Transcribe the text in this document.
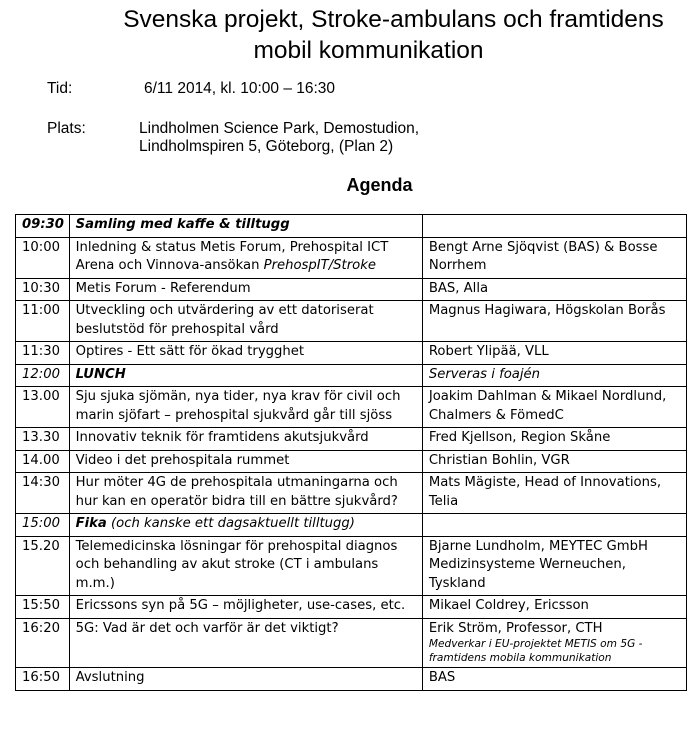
Svenska projekt, Stroke-ambulans och framtidens
mobil kommunikation
Tid:	6/11 2014, kl. 10:00 – 16:30
Plats:	Lindholmen Science Park, Demostudion,
Lindholmspiren 5, Göteborg, (Plan 2)
Agenda
09:30	Samling med kaffe & tilltugg	
10:00	Inledning & status Metis Forum, Prehospital ICT Arena och Vinnova-ansökan PrehospIT/Stroke	Bengt Arne Sjöqvist (BAS) & Bosse Norrhem
10:30	Metis Forum - Referendum	BAS, Alla
11:00	Utveckling och utvärdering av ett datoriserat beslutstöd för prehospital vård	Magnus Hagiwara, Högskolan Borås
11:30	Optires - Ett sätt för ökad trygghet	Robert Ylipää, VLL
12:00	LUNCH	Serveras i foajén
13.00	Sju sjuka sjömän, nya tider, nya krav för civil och marin sjöfart – prehospital sjukvård går till sjöss	Joakim Dahlman & Mikael Nordlund, Chalmers & FömedC
13.30	Innovativ teknik för framtidens akutsjukvård	Fred Kjellson, Region Skåne
14.00	Video i det prehospitala rummet	Christian Bohlin, VGR
14:30	Hur möter 4G de prehospitala utmaningarna och hur kan en operatör bidra till en bättre sjukvård?	Mats Mägiste, Head of Innovations, Telia
15:00	Fika (och kanske ett dagsaktuellt tilltugg)	
15.20	Telemedicinska lösningar för prehospital diagnos och behandling av akut stroke (CT i ambulans m.m.)	Bjarne Lundholm, MEYTEC GmbH Medizinsysteme Werneuchen, Tyskland
15:50	Ericssons syn på 5G – möjligheter, use-cases, etc.	Mikael Coldrey, Ericsson
16:20	5G: Vad är det och varför är det viktigt?	Erik Ström, Professor, CTH
Medverkar i EU-projektet METIS om 5G - framtidens mobila kommunikation

16:50	Avslutning	BAS
